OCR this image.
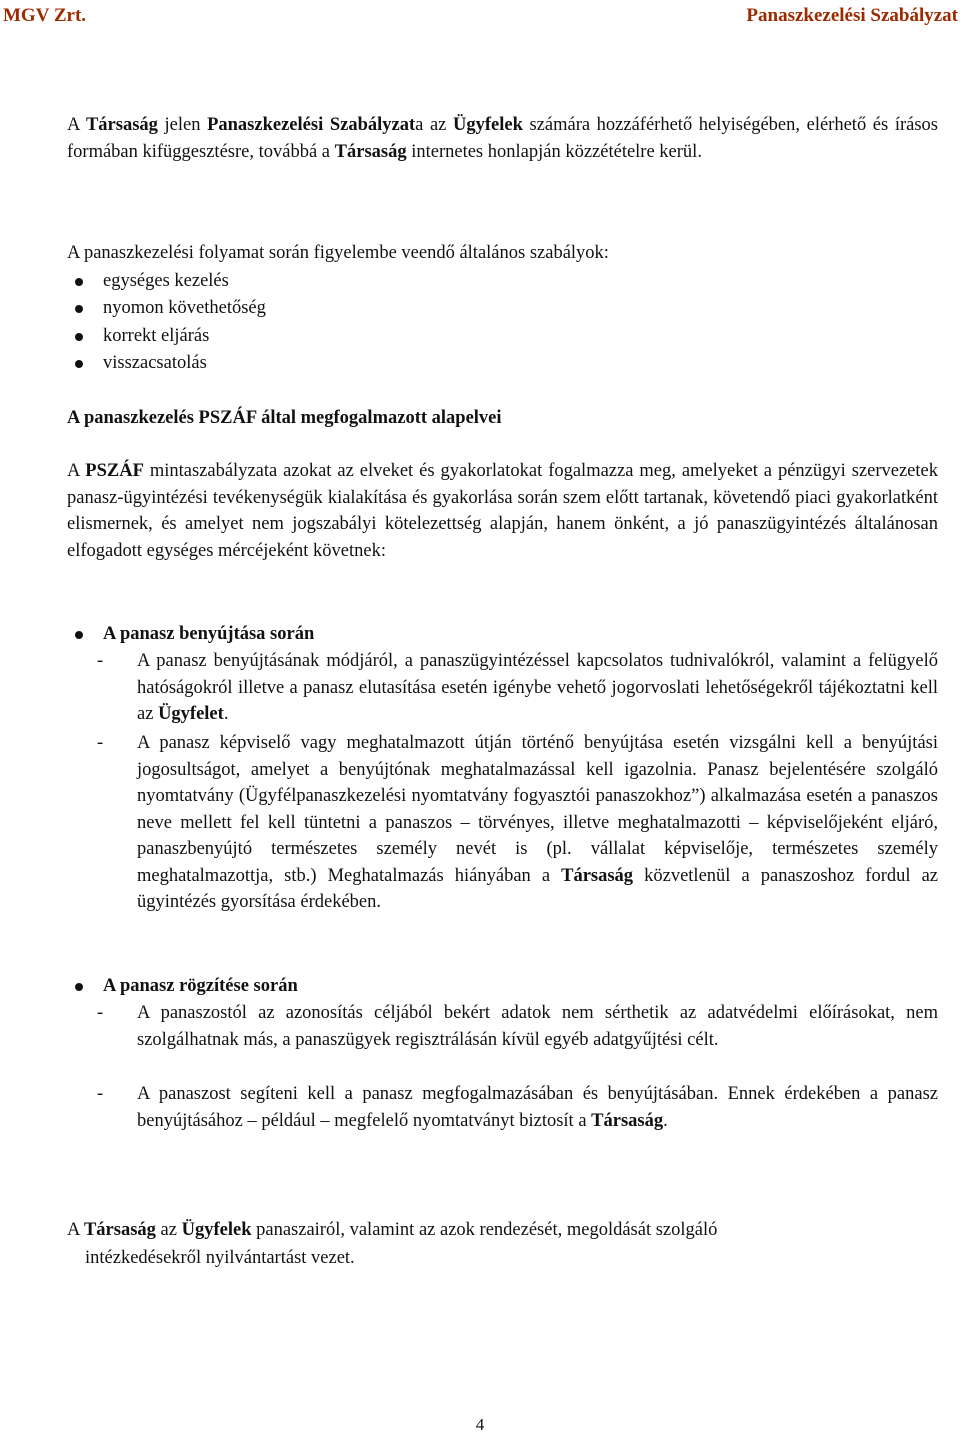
MGV Zrt.	Panaszkezelési Szabályzat

A Társaság jelen Panaszkezelési Szabályzata az Ügyfelek számára hozzáférhető helyiségében, elérhető és írásos formában kifüggesztésre, továbbá a Társaság internetes honlapján közzétételre kerül.

A panaszkezelési folyamat során figyelembe veendő általános szabályok:

egységes kezelés
nyomon követhetőség
korrekt eljárás
visszacsatolás

A panaszkezelés PSZÁF által megfogalmazott alapelvei

A PSZÁF mintaszabályzata azokat az elveket és gyakorlatokat fogalmazza meg, amelyeket a pénzügyi szervezetek panasz-ügyintézési tevékenységük kialakítása és gyakorlása során szem előtt tartanak, követendő piaci gyakorlatként elismernek, és amelyet nem jogszabályi kötelezettség alapján, hanem önként, a jó panaszügyintézés általánosan elfogadott egységes mércéjeként követnek:

A panasz benyújtása során
- A panasz benyújtásának módjáról, a panaszügyintézéssel kapcsolatos tudnivalókról, valamint a felügyelő hatóságokról illetve a panasz elutasítása esetén igénybe vehető jogorvoslati lehetőségekről tájékoztatni kell az Ügyfelet.
- A panasz képviselő vagy meghatalmazott útján történő benyújtása esetén vizsgálni kell a benyújtási jogosultságot, amelyet a benyújtónak meghatalmazással kell igazolnia. Panasz bejelentésére szolgáló nyomtatvány (Ügyfélpanaszkezelési nyomtatvány fogyasztói panaszokhoz”) alkalmazása esetén a panaszos neve mellett fel kell tüntetni a panaszos – törvényes, illetve meghatalmazotti – képviselőjeként eljáró, panaszbenyújtó természetes személy nevét is (pl. vállalat képviselője, természetes személy meghatalmazottja, stb.) Meghatalmazás hiányában a Társaság közvetlenül a panaszoshoz fordul az ügyintézés gyorsítása érdekében.
A panasz rögzítése során
- A panaszostól az azonosítás céljából bekért adatok nem sérthetik az adatvédelmi előírásokat, nem szolgálhatnak más, a panaszügyek regisztrálásán kívül egyéb adatgyűjtési célt.
- A panaszost segíteni kell a panasz megfogalmazásában és benyújtásában. Ennek érdekében a panasz benyújtásához – például – megfelelő nyomtatványt biztosít a Társaság.

A Társaság az Ügyfelek panaszairól, valamint az azok rendezését, megoldását szolgáló

intézkedésekről nyilvántartást vezet.

4
